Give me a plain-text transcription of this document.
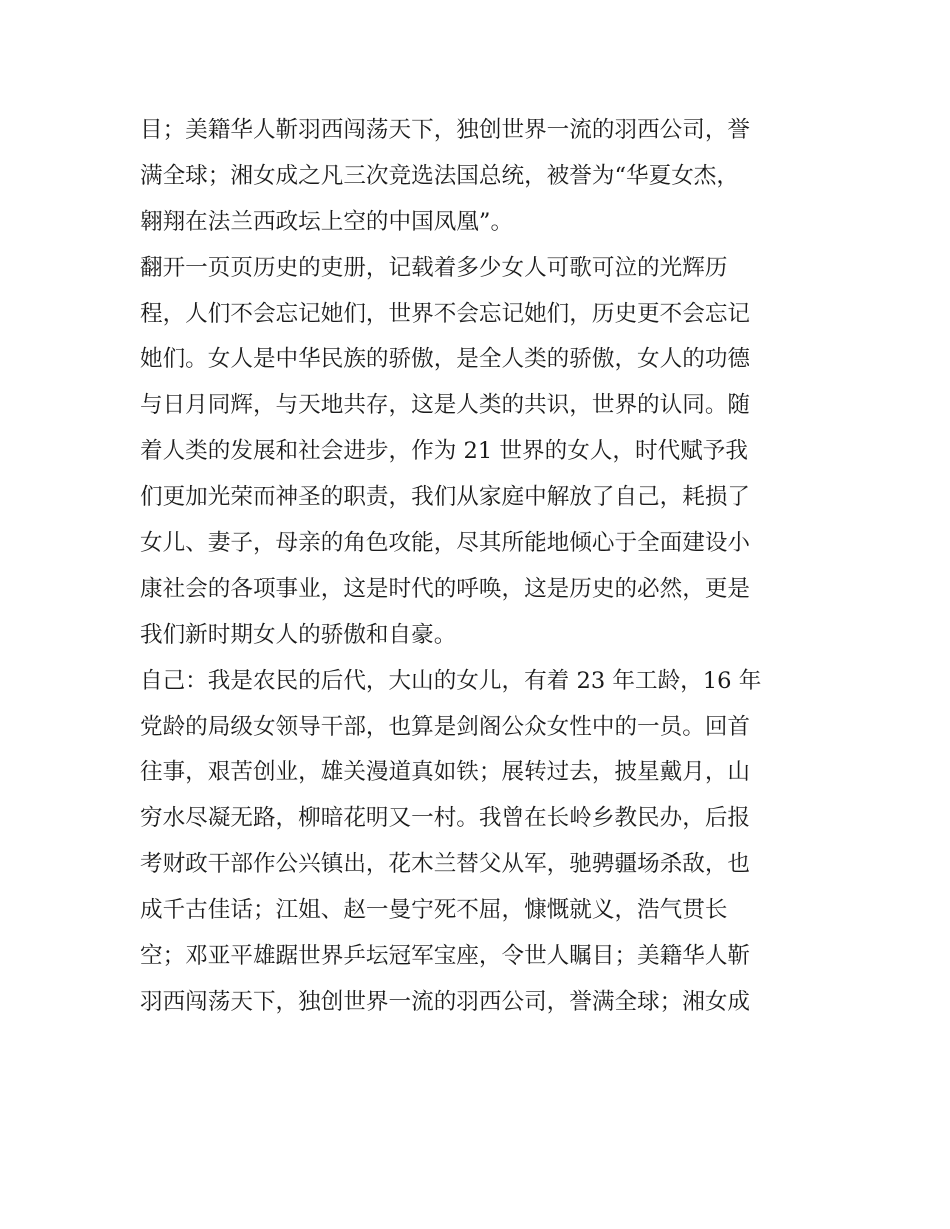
目；美籍华人靳羽西闯荡天下，独创世界一流的羽西公司，誉
满全球；湘女成之凡三次竞选法国总统，被誉为“华夏女杰，
翱翔在法兰西政坛上空的中国凤凰”。
翻开一页页历史的吏册，记载着多少女人可歌可泣的光辉历
程，人们不会忘记她们，世界不会忘记她们，历史更不会忘记
她们。女人是中华民族的骄傲，是全人类的骄傲，女人的功德
与日月同辉，与天地共存，这是人类的共识，世界的认同。随
着人类的发展和社会进步，作为 21 世界的女人，时代赋予我
们更加光荣而神圣的职责，我们从家庭中解放了自己，耗损了
女儿、妻子，母亲的角色攻能，尽其所能地倾心于全面建设小
康社会的各项事业，这是时代的呼唤，这是历史的必然，更是
我们新时期女人的骄傲和自豪。
自己：我是农民的后代，大山的女儿，有着 23 年工龄，16 年
党龄的局级女领导干部，也算是剑阁公众女性中的一员。回首
往事，艰苦创业，雄关漫道真如铁；展转过去，披星戴月，山
穷水尽凝无路，柳暗花明又一村。我曾在长岭乡教民办，后报
考财政干部作公兴镇出，花木兰替父从军，驰骋疆场杀敌，也
成千古佳话；江姐、赵一曼宁死不屈，慷慨就义，浩气贯长
空；邓亚平雄踞世界乒坛冠军宝座，令世人瞩目；美籍华人靳
羽西闯荡天下，独创世界一流的羽西公司，誉满全球；湘女成
